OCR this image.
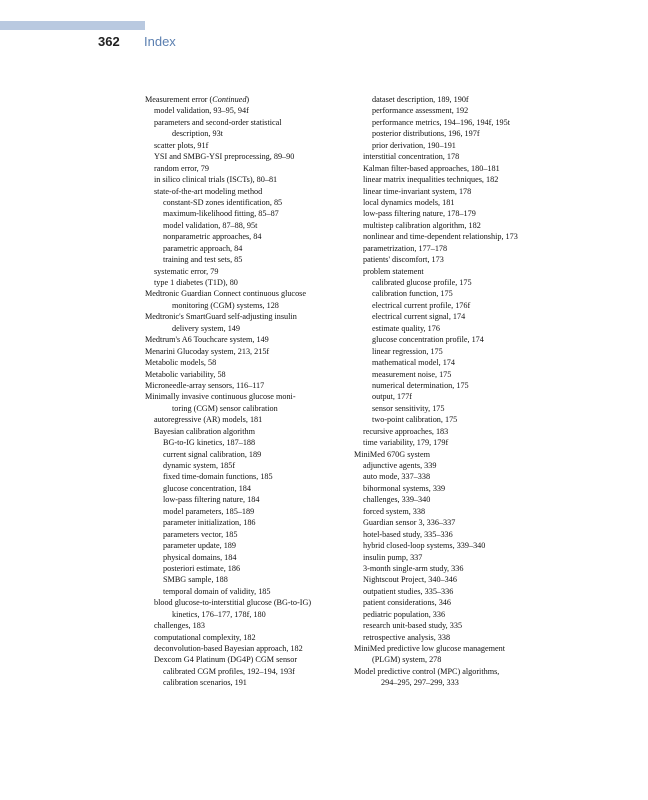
362 Index
Measurement error (Continued)
model validation, 93–95, 94f
parameters and second-order statistical
description, 93t
scatter plots, 91f
YSI and SMBG-YSI preprocessing, 89–90
random error, 79
in silico clinical trials (ISCTs), 80–81
state-of-the-art modeling method
constant-SD zones identification, 85
maximum-likelihood fitting, 85–87
model validation, 87–88, 95t
nonparametric approaches, 84
parametric approach, 84
training and test sets, 85
systematic error, 79
type 1 diabetes (T1D), 80
Medtronic Guardian Connect continuous glucose
monitoring (CGM) systems, 128
Medtronic's SmartGuard self-adjusting insulin
delivery system, 149
Medtrum's A6 Touchcare system, 149
Menarini Glucoday system, 213, 215f
Metabolic models, 58
Metabolic variability, 58
Microneedle-array sensors, 116–117
Minimally invasive continuous glucose moni-
toring (CGM) sensor calibration
autoregressive (AR) models, 181
Bayesian calibration algorithm
BG-to-IG kinetics, 187–188
current signal calibration, 189
dynamic system, 185f
fixed time-domain functions, 185
glucose concentration, 184
low-pass filtering nature, 184
model parameters, 185–189
parameter initialization, 186
parameters vector, 185
parameter update, 189
physical domains, 184
posteriori estimate, 186
SMBG sample, 188
temporal domain of validity, 185
blood glucose-to-interstitial glucose (BG-to-IG)
kinetics, 176–177, 178f, 180
challenges, 183
computational complexity, 182
deconvolution-based Bayesian approach, 182
Dexcom G4 Platinum (DG4P) CGM sensor
calibrated CGM profiles, 192–194, 193f
calibration scenarios, 191
dataset description, 189, 190f
performance assessment, 192
performance metrics, 194–196, 194f, 195t
posterior distributions, 196, 197f
prior derivation, 190–191
interstitial concentration, 178
Kalman filter-based approaches, 180–181
linear matrix inequalities techniques, 182
linear time-invariant system, 178
local dynamics models, 181
low-pass filtering nature, 178–179
multistep calibration algorithm, 182
nonlinear and time-dependent relationship, 173
parametrization, 177–178
patients' discomfort, 173
problem statement
calibrated glucose profile, 175
calibration function, 175
electrical current profile, 176f
electrical current signal, 174
estimate quality, 176
glucose concentration profile, 174
linear regression, 175
mathematical model, 174
measurement noise, 175
numerical determination, 175
output, 177f
sensor sensitivity, 175
two-point calibration, 175
recursive approaches, 183
time variability, 179, 179f
MiniMed 670G system
adjunctive agents, 339
auto mode, 337–338
bihormonal systems, 339
challenges, 339–340
forced system, 338
Guardian sensor 3, 336–337
hotel-based study, 335–336
hybrid closed-loop systems, 339–340
insulin pump, 337
3-month single-arm study, 336
Nightscout Project, 340–346
outpatient studies, 335–336
patient considerations, 346
pediatric population, 336
research unit-based study, 335
retrospective analysis, 338
MiniMed predictive low glucose management
(PLGM) system, 278
Model predictive control (MPC) algorithms,
294–295, 297–299, 333
